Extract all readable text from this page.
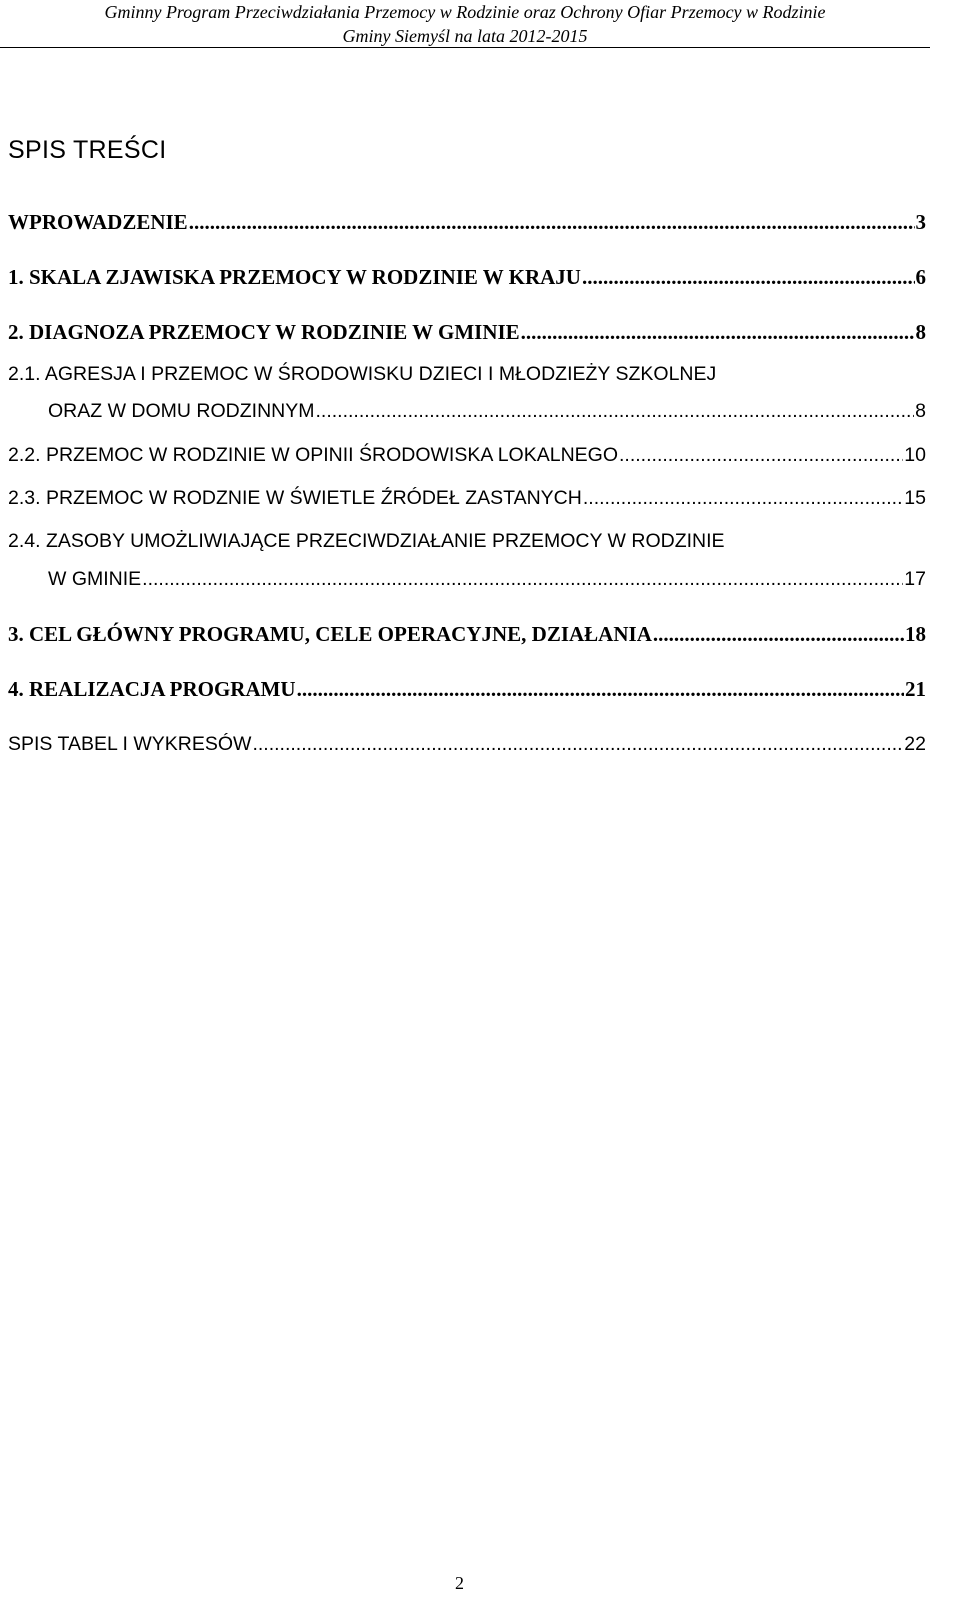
Gminny Program Przeciwdziałania Przemocy w Rodzinie oraz Ochrony Ofiar Przemocy w Rodzinie
Gminy Siemyśl na lata 2012-2015
SPIS TREŚCI
WPROWADZENIE .....	3
1. SKALA ZJAWISKA PRZEMOCY W RODZINIE W KRAJU .....	6
2. DIAGNOZA PRZEMOCY W RODZINIE W GMINIE .....	8
2.1. AGRESJA I PRZEMOC W ŚRODOWISKU DZIECI I MŁODZIEŻY SZKOLNEJ
ORAZ W DOMU RODZINNYM .....	8
2.2. PRZEMOC W RODZINIE W OPINII ŚRODOWISKA LOKALNEGO .....	10
2.3. PRZEMOC W RODZNIE W ŚWIETLE ŹRÓDEŁ ZASTANYCH .....	15
2.4. ZASOBY UMOŻLIWIAJĄCE PRZECIWDZIAŁANIE PRZEMOCY W RODZINIE
W GMINIE .....	17
3. CEL GŁÓWNY PROGRAMU, CELE OPERACYJNE, DZIAŁANIA .....	18
4. REALIZACJA PROGRAMU .....	21
SPIS TABEL I WYKRESÓW .....	22
2
